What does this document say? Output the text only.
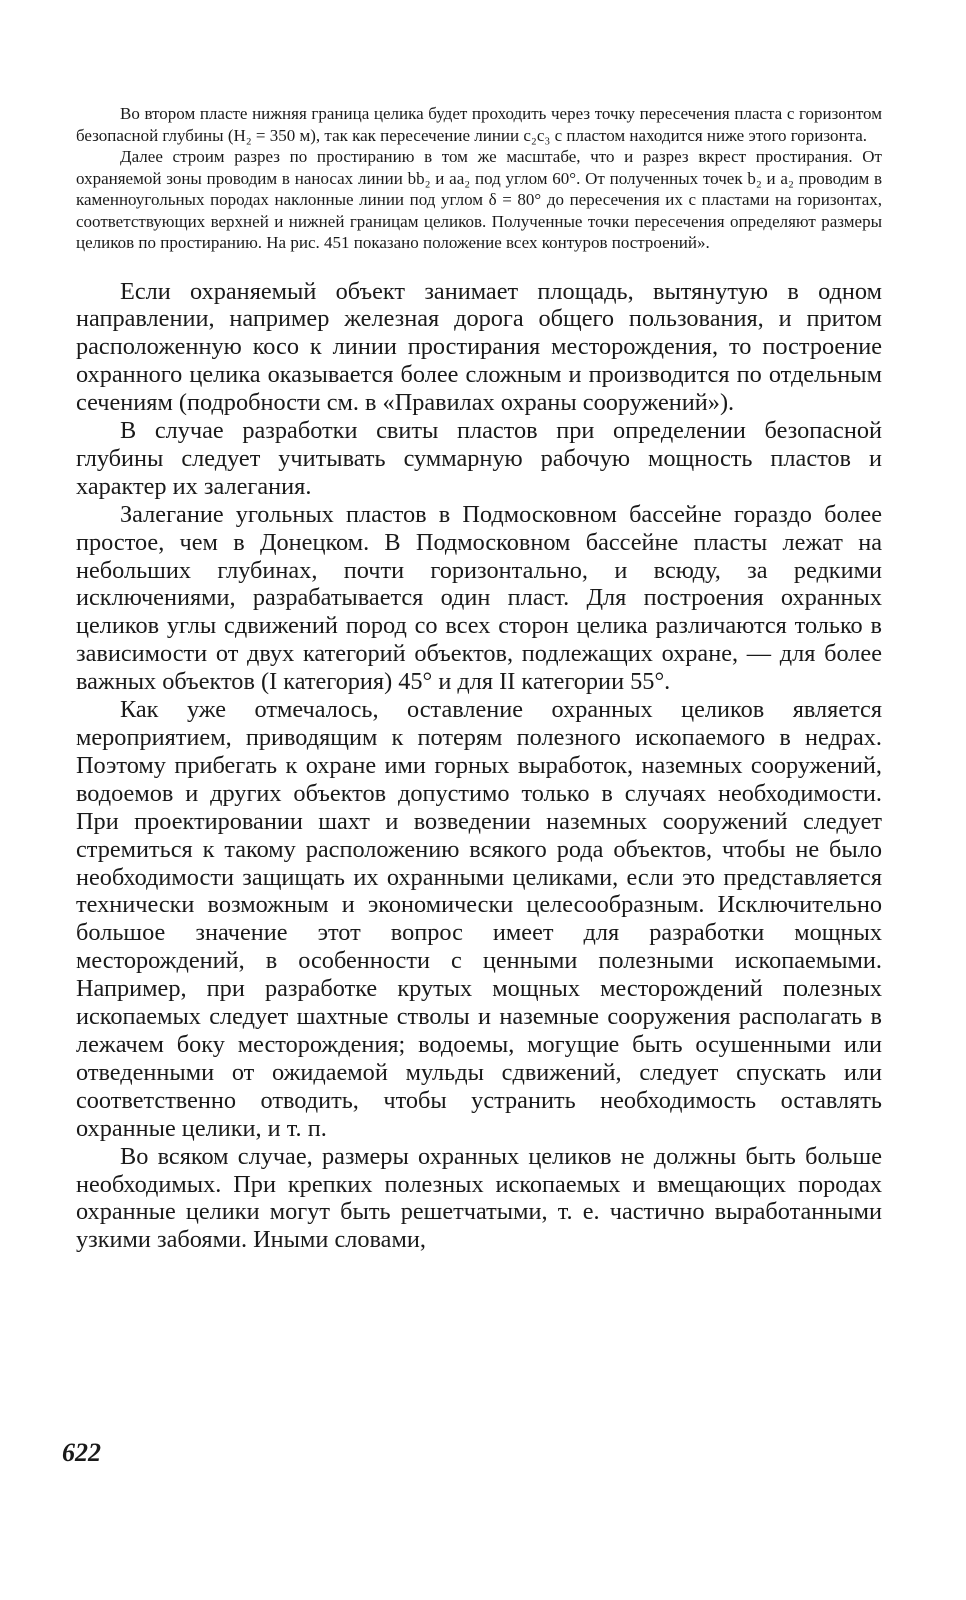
Во втором пласте нижняя граница целика будет проходить через точку пересечения пласта с горизонтом безопасной глубины (H₂ = 350 м), так как пересечение линии c₂c₃ с пластом находится ниже этого горизонта.

Далее строим разрез по простиранию в том же масштабе, что и разрез вкрест простирания. От охраняемой зоны проводим в наносах линии bb₂ и aa₂ под углом 60°. От полученных точек b₂ и a₂ проводим в каменноугольных породах наклонные линии под углом δ = 80° до пересечения их с пластами на горизонтах, соответствующих верхней и нижней границам целиков. Полученные точки пересечения определяют размеры целиков по простиранию. На рис. 451 показано положение всех контуров построений».

Если охраняемый объект занимает площадь, вытянутую в одном направлении, например железная дорога общего пользования, и притом расположенную косо к линии простирания месторождения, то построение охранного целика оказывается более сложным и производится по отдельным сечениям (подробности см. в «Правилах охраны сооружений»).

В случае разработки свиты пластов при определении безопасной глубины следует учитывать суммарную рабочую мощность пластов и характер их залегания.

Залегание угольных пластов в Подмосковном бассейне гораздо более простое, чем в Донецком. В Подмосковном бассейне пласты лежат на небольших глубинах, почти горизонтально, и всюду, за редкими исключениями, разрабатывается один пласт. Для построения охранных целиков углы сдвижений пород со всех сторон целика различаются только в зависимости от двух категорий объектов, подлежащих охране, — для более важных объектов (I категория) 45° и для II категории 55°.

Как уже отмечалось, оставление охранных целиков является мероприятием, приводящим к потерям полезного ископаемого в недрах. Поэтому прибегать к охране ими горных выработок, наземных сооружений, водоемов и других объектов допустимо только в случаях необходимости. При проектировании шахт и возведении наземных сооружений следует стремиться к такому расположению всякого рода объектов, чтобы не было необходимости защищать их охранными целиками, если это представляется технически возможным и экономически целесообразным. Исключительно большое значение этот вопрос имеет для разработки мощных месторождений, в особенности с ценными полезными ископаемыми. Например, при разработке крутых мощных месторождений полезных ископаемых следует шахтные стволы и наземные сооружения располагать в лежачем боку месторождения; водоемы, могущие быть осушенными или отведенными от ожидаемой мульды сдвижений, следует спускать или соответственно отводить, чтобы устранить необходимость оставлять охранные целики, и т. п.

Во всяком случае, размеры охранных целиков не должны быть больше необходимых. При крепких полезных ископаемых и вмещающих породах охранные целики могут быть решетчатыми, т. е. частично выработанными узкими забоями. Иными словами,

622
